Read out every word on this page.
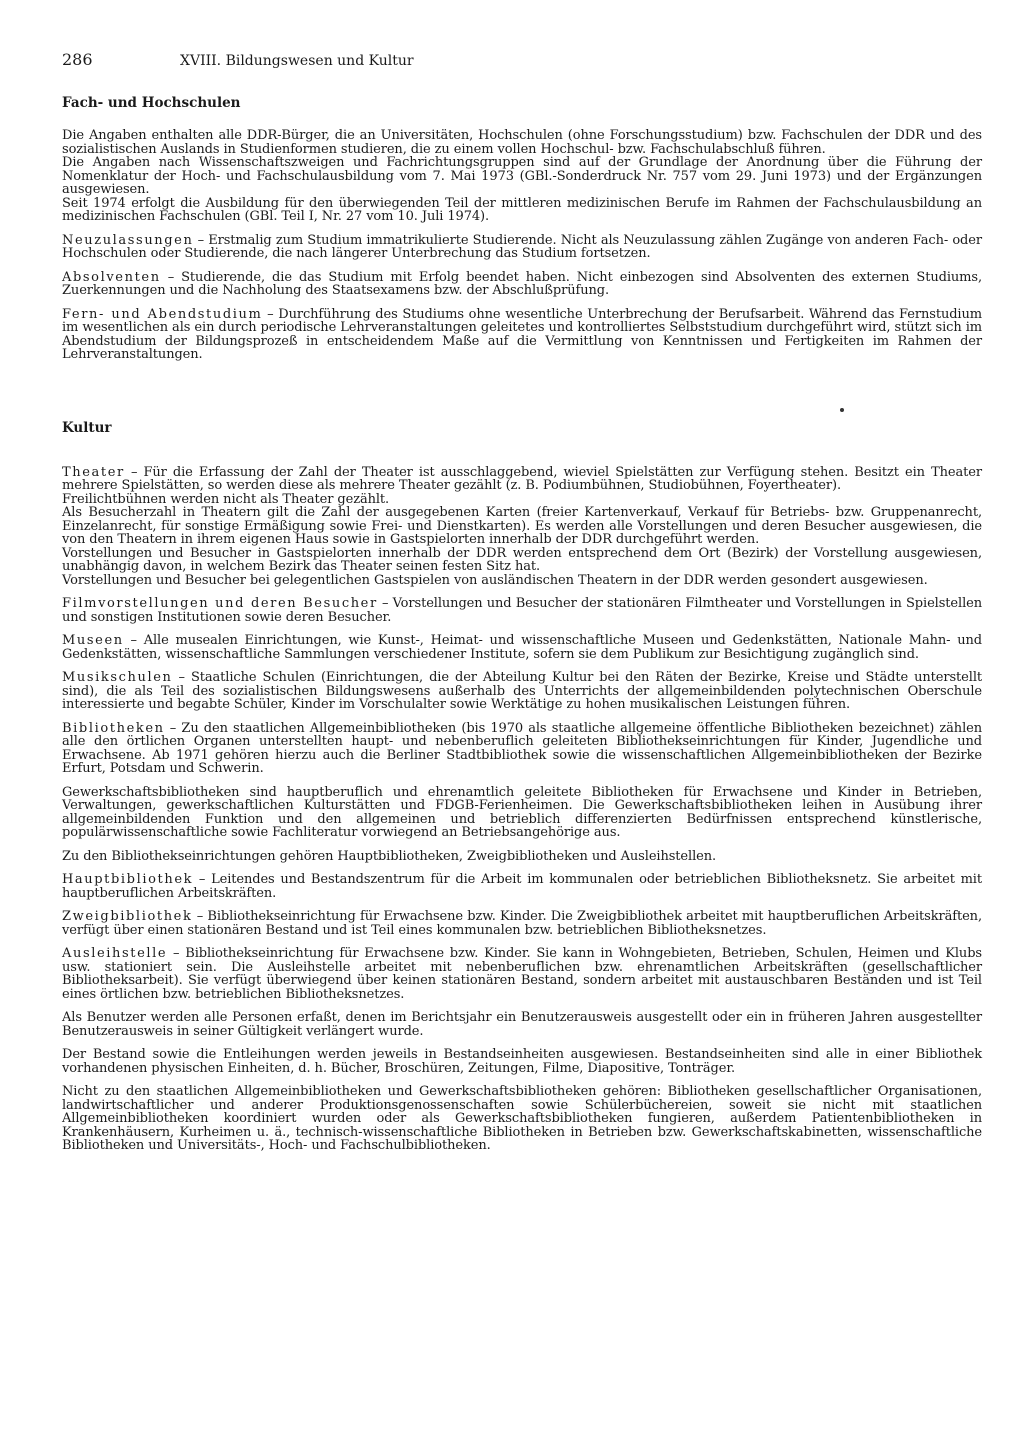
286	XVIII. Bildungswesen und Kultur
Fach- und Hochschulen

Die Angaben enthalten alle DDR-Bürger, die an Universitäten, Hochschulen (ohne Forschungsstudium) bzw. Fachschulen der DDR und des sozialistischen Auslands in Studienformen studieren, die zu einem vollen Hochschul- bzw. Fachschulabschluß führen.

Die Angaben nach Wissenschaftszweigen und Fachrichtungsgruppen sind auf der Grundlage der Anordnung über die Führung der Nomenklatur der Hoch- und Fachschulausbildung vom 7. Mai 1973 (GBl.-Sonderdruck Nr. 757 vom 29. Juni 1973) und der Ergänzungen ausgewiesen.

Seit 1974 erfolgt die Ausbildung für den überwiegenden Teil der mittleren medizinischen Berufe im Rahmen der Fachschulausbildung an medizinischen Fachschulen (GBl. Teil I, Nr. 27 vom 10. Juli 1974).

Neuzulassungen – Erstmalig zum Studium immatrikulierte Studierende. Nicht als Neuzulassung zählen Zugänge von anderen Fach- oder Hochschulen oder Studierende, die nach längerer Unterbrechung das Studium fortsetzen.

Absolventen – Studierende, die das Studium mit Erfolg beendet haben. Nicht einbezogen sind Absolventen des externen Studiums, Zuerkennungen und die Nachholung des Staatsexamens bzw. der Abschlußprüfung.

Fern- und Abendstudium – Durchführung des Studiums ohne wesentliche Unterbrechung der Berufsarbeit. Während das Fernstudium im wesentlichen als ein durch periodische Lehrveranstaltungen geleitetes und kontrolliertes Selbststudium durchgeführt wird, stützt sich im Abendstudium der Bildungsprozeß in entscheidendem Maße auf die Vermittlung von Kenntnissen und Fertigkeiten im Rahmen der Lehrveranstaltungen.

Kultur

Theater – Für die Erfassung der Zahl der Theater ist ausschlaggebend, wieviel Spielstätten zur Verfügung stehen. Besitzt ein Theater mehrere Spielstätten, so werden diese als mehrere Theater gezählt (z. B. Podiumbühnen, Studiobühnen, Foyertheater).

Freilichtbühnen werden nicht als Theater gezählt.

Als Besucherzahl in Theatern gilt die Zahl der ausgegebenen Karten (freier Kartenverkauf, Verkauf für Betriebs- bzw. Gruppenanrecht, Einzelanrecht, für sonstige Ermäßigung sowie Frei- und Dienstkarten). Es werden alle Vorstellungen und deren Besucher ausgewiesen, die von den Theatern in ihrem eigenen Haus sowie in Gastspielorten innerhalb der DDR durchgeführt werden.

Vorstellungen und Besucher in Gastspielorten innerhalb der DDR werden entsprechend dem Ort (Bezirk) der Vorstellung ausgewiesen, unabhängig davon, in welchem Bezirk das Theater seinen festen Sitz hat.

Vorstellungen und Besucher bei gelegentlichen Gastspielen von ausländischen Theatern in der DDR werden gesondert ausgewiesen.

Filmvorstellungen und deren Besucher – Vorstellungen und Besucher der stationären Filmtheater und Vorstellungen in Spielstellen und sonstigen Institutionen sowie deren Besucher.

Museen – Alle musealen Einrichtungen, wie Kunst-, Heimat- und wissenschaftliche Museen und Gedenkstätten, Nationale Mahn- und Gedenkstätten, wissenschaftliche Sammlungen verschiedener Institute, sofern sie dem Publikum zur Besichtigung zugänglich sind.

Musikschulen – Staatliche Schulen (Einrichtungen, die der Abteilung Kultur bei den Räten der Bezirke, Kreise und Städte unterstellt sind), die als Teil des sozialistischen Bildungswesens außerhalb des Unterrichts der allgemeinbildenden polytechnischen Oberschule interessierte und begabte Schüler, Kinder im Vorschulalter sowie Werktätige zu hohen musikalischen Leistungen führen.

Bibliotheken – Zu den staatlichen Allgemeinbibliotheken (bis 1970 als staatliche allgemeine öffentliche Bibliotheken bezeichnet) zählen alle den örtlichen Organen unterstellten haupt- und nebenberuflich geleiteten Bibliothekseinrichtungen für Kinder, Jugendliche und Erwachsene. Ab 1971 gehören hierzu auch die Berliner Stadtbibliothek sowie die wissenschaftlichen Allgemeinbibliotheken der Bezirke Erfurt, Potsdam und Schwerin.

Gewerkschaftsbibliotheken sind hauptberuflich und ehrenamtlich geleitete Bibliotheken für Erwachsene und Kinder in Betrieben, Verwaltungen, gewerkschaftlichen Kulturstätten und FDGB-Ferienheimen. Die Gewerkschaftsbibliotheken leihen in Ausübung ihrer allgemeinbildenden Funktion und den allgemeinen und betrieblich differenzierten Bedürfnissen entsprechend künstlerische, populärwissenschaftliche sowie Fachliteratur vorwiegend an Betriebsangehörige aus.

Zu den Bibliothekseinrichtungen gehören Hauptbibliotheken, Zweigbibliotheken und Ausleihstellen.

Hauptbibliothek – Leitendes und Bestandszentrum für die Arbeit im kommunalen oder betrieblichen Bibliotheksnetz. Sie arbeitet mit hauptberuflichen Arbeitskräften.

Zweigbibliothek – Bibliothekseinrichtung für Erwachsene bzw. Kinder. Die Zweigbibliothek arbeitet mit hauptberuflichen Arbeitskräften, verfügt über einen stationären Bestand und ist Teil eines kommunalen bzw. betrieblichen Bibliotheksnetzes.

Ausleihstelle – Bibliothekseinrichtung für Erwachsene bzw. Kinder. Sie kann in Wohngebieten, Betrieben, Schulen, Heimen und Klubs usw. stationiert sein. Die Ausleihstelle arbeitet mit nebenberuflichen bzw. ehrenamtlichen Arbeitskräften (gesellschaftlicher Bibliotheksarbeit). Sie verfügt überwiegend über keinen stationären Bestand, sondern arbeitet mit austauschbaren Beständen und ist Teil eines örtlichen bzw. betrieblichen Bibliotheksnetzes.

Als Benutzer werden alle Personen erfaßt, denen im Berichtsjahr ein Benutzerausweis ausgestellt oder ein in früheren Jahren ausgestellter Benutzerausweis in seiner Gültigkeit verlängert wurde.

Der Bestand sowie die Entleihungen werden jeweils in Bestandseinheiten ausgewiesen. Bestandseinheiten sind alle in einer Bibliothek vorhandenen physischen Einheiten, d. h. Bücher, Broschüren, Zeitungen, Filme, Diapositive, Tonträger.

Nicht zu den staatlichen Allgemeinbibliotheken und Gewerkschaftsbibliotheken gehören: Bibliotheken gesellschaftlicher Organisationen, landwirtschaftlicher und anderer Produktionsgenossenschaften sowie Schülerbüchereien, soweit sie nicht mit staatlichen Allgemeinbibliotheken koordiniert wurden oder als Gewerkschaftsbibliotheken fungieren, außerdem Patientenbibliotheken in Krankenhäusern, Kurheimen u. ä., technisch-wissenschaftliche Bibliotheken in Betrieben bzw. Gewerkschaftskabinetten, wissenschaftliche Bibliotheken und Universitäts-, Hoch- und Fachschulbibliotheken.
